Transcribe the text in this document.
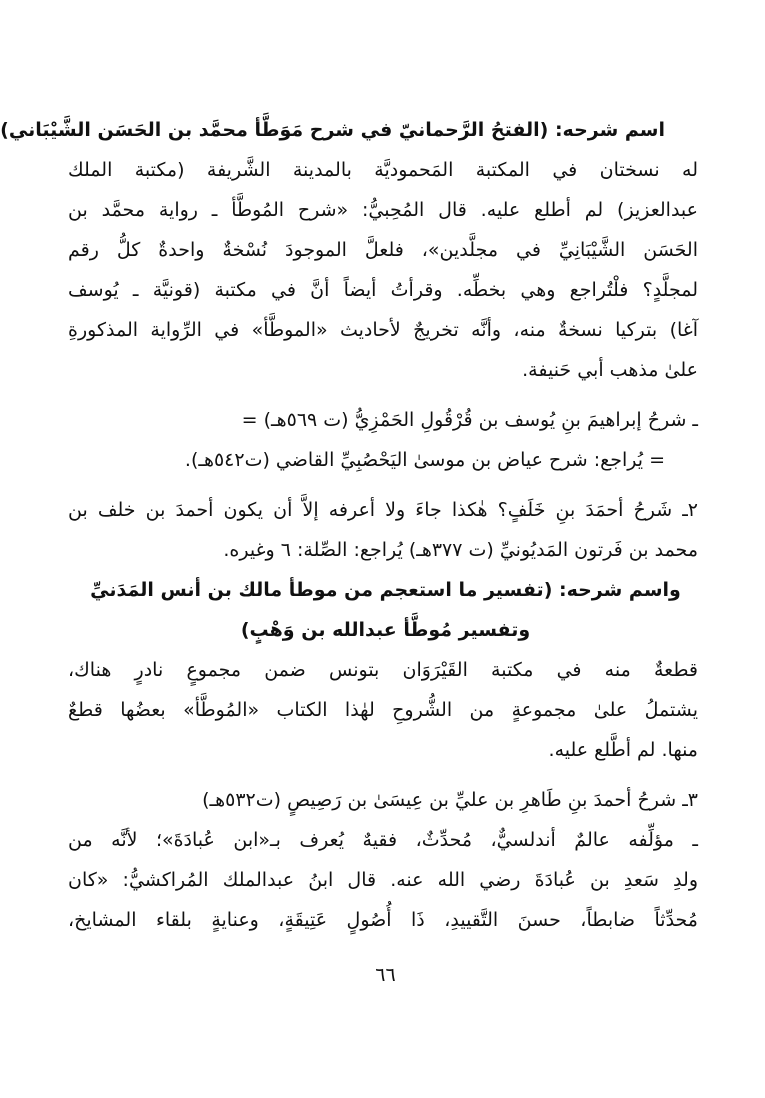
اسم شرحه: (الفتحُ الرَّحمانيّ في شرح مَوَطَّأ محمَّد بن الحَسَن الشَّيْبَاني)
له نسختان في المكتبة المَحموديَّة بالمدينة الشَّريفة (مكتبة الملك
عبدالعزيز) لم أطلع عليه. قال المُحِبيُّ: «شرح المُوطَّأ ـ رواية محمَّد بن
الحَسَن الشَّيْبَانِيِّ في مجلَّدين»، فلعلَّ الموجودَ نُسْخةٌ واحدةٌ كلُّ رقم
لمجلَّدٍ؟ فلْتُراجع وهي بخطِّه. وقرأتُ أيضاً أنَّ في مكتبة (قونيَّة ـ يُوسف
آغا) بتركيا نسخةٌ منه، وأنَّه تخريجٌ لأحاديث «الموطَّأ» في الرِّواية المذكورةِ
علىٰ مذهب أبي حَنيفة.
ـ شرحُ إبراهيمَ بنِ يُوسف بن قُرْقُولِ الحَمْزِيُّ (ت ٥٦٩هـ) =
= يُراجع: شرح عياض بن موسىٰ اليَحْصُبِيِّ القاضي (ت٥٤٢هـ).
٢ـ شَرحُ أحمَدَ بنِ خَلَفٍ؟ هٰكذا جاءَ ولا أعرفه إلاَّ أن يكون أحمدَ بن خلف بن
محمد بن فَرتون المَديُونيِّ (ت ٣٧٧هـ) يُراجع: الصِّلة: ٦ وغيره.
واسم شرحه: (تفسير ما استعجم من موطأ مالك بن أنس المَدَنيِّ
وتفسير مُوطَّأ عبدالله بن وَهْبٍ)
قطعةٌ منه في مكتبة القَيْرَوَان بتونس ضمن مجموعٍ نادرٍ هناك،
يشتملُ علىٰ مجموعةٍ من الشُّروحِ لهٰذا الكتاب «المُوطَّأ» بعضُها قطعٌ
منها. لم أطَّلع عليه.
٣ـ شرحُ أحمدَ بنِ طَاهرِ بن عليِّ بن عِيسَىٰ بن رَصِيصٍ (ت٥٣٢هـ)
ـ مؤلِّفه عالمٌ أندلسيٌّ، مُحدِّثٌ، فقيهٌ يُعرف بـ«ابن عُبادَةَ»؛ لأنَّه من
ولدِ سَعدِ بن عُبادَةَ رضي الله عنه. قال ابنُ عبدالملك المُراكشيُّ: «كان
مُحدِّثاً ضابطاً، حسنَ التَّقييدِ، ذَا أُصُولٍ عَتِيقَةٍ، وعنايةٍ بلقاء المشايخ،
٦٦
